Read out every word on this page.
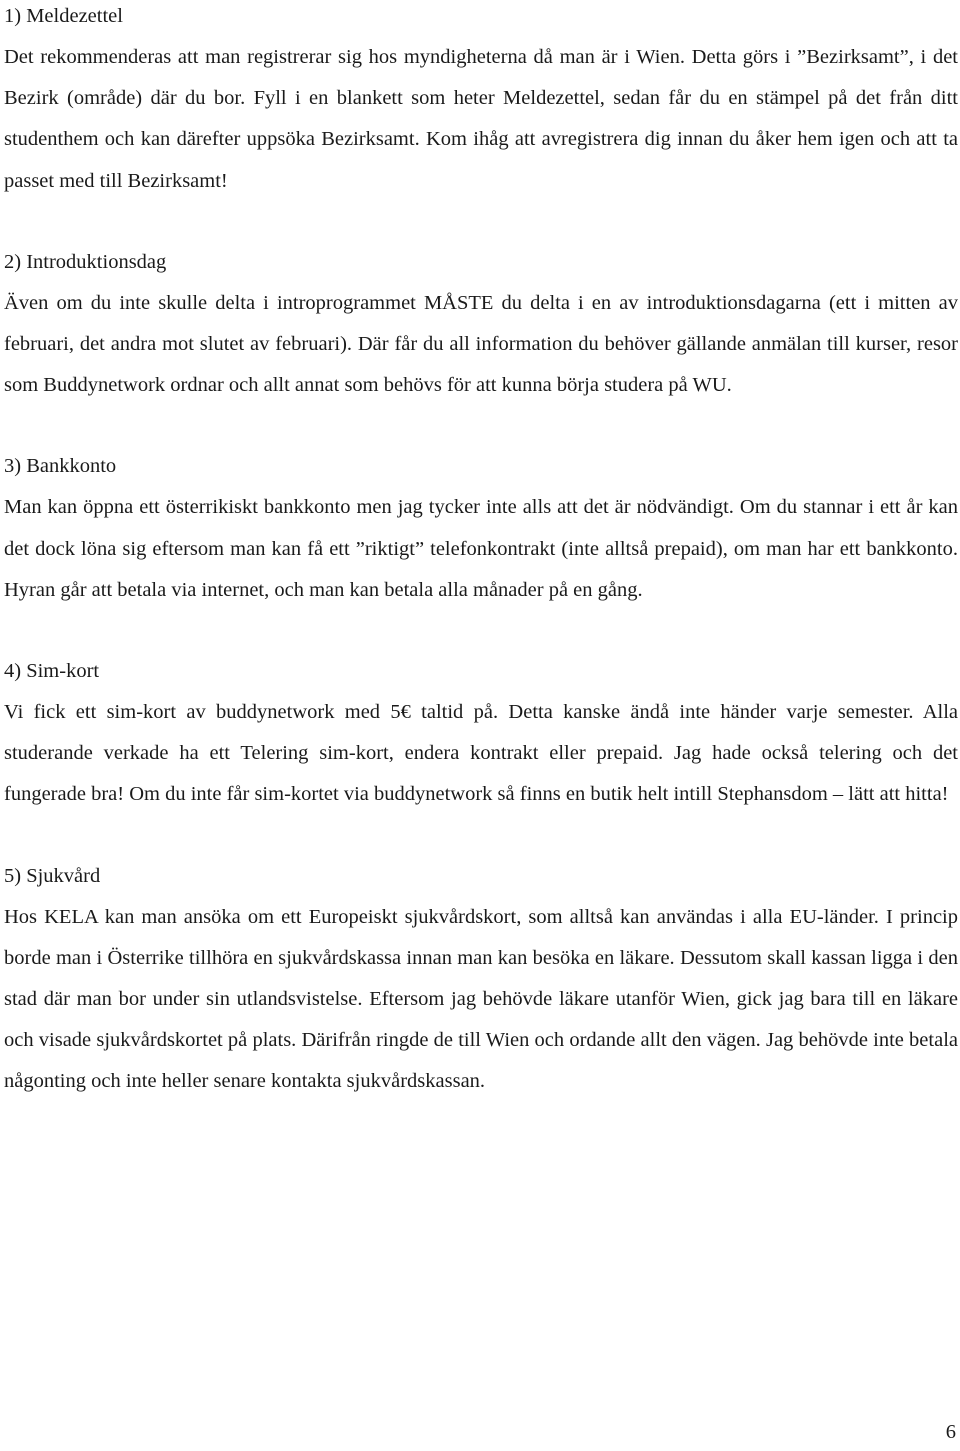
1) Meldezettel

Det rekommenderas att man registrerar sig hos myndigheterna då man är i Wien. Detta görs i ”Bezirksamt”, i det Bezirk (område) där du bor. Fyll i en blankett som heter Meldezettel, sedan får du en stämpel på det från ditt studenthem och kan därefter uppsöka Bezirksamt. Kom ihåg att avregistrera dig innan du åker hem igen och att ta passet med till Bezirksamt!

2) Introduktionsdag

Även om du inte skulle delta i introprogrammet MÅSTE du delta i en av introduktionsdagarna (ett i mitten av februari, det andra mot slutet av februari). Där får du all information du behöver gällande anmälan till kurser, resor som Buddynetwork ordnar och allt annat som behövs för att kunna börja studera på WU.

3) Bankkonto

Man kan öppna ett österrikiskt bankkonto men jag tycker inte alls att det är nödvändigt. Om du stannar i ett år kan det dock löna sig eftersom man kan få ett ”riktigt” telefonkontrakt (inte alltså prepaid), om man har ett bankkonto. Hyran går att betala via internet, och man kan betala alla månader på en gång.

4) Sim-kort

Vi fick ett sim-kort av buddynetwork med 5€ taltid på. Detta kanske ändå inte händer varje semester. Alla studerande verkade ha ett Telering sim-kort, endera kontrakt eller prepaid. Jag hade också telering och det fungerade bra! Om du inte får sim-kortet via buddynetwork så finns en butik helt intill Stephansdom – lätt att hitta!

5) Sjukvård

Hos KELA kan man ansöka om ett Europeiskt sjukvårdskort, som alltså kan användas i alla EU-länder. I princip borde man i Österrike tillhöra en sjukvårdskassa innan man kan besöka en läkare. Dessutom skall kassan ligga i den stad där man bor under sin utlandsvistelse. Eftersom jag behövde läkare utanför Wien, gick jag bara till en läkare och visade sjukvårdskortet på plats. Därifrån ringde de till Wien och ordande allt den vägen. Jag behövde inte betala någonting och inte heller senare kontakta sjukvårdskassan.

6
